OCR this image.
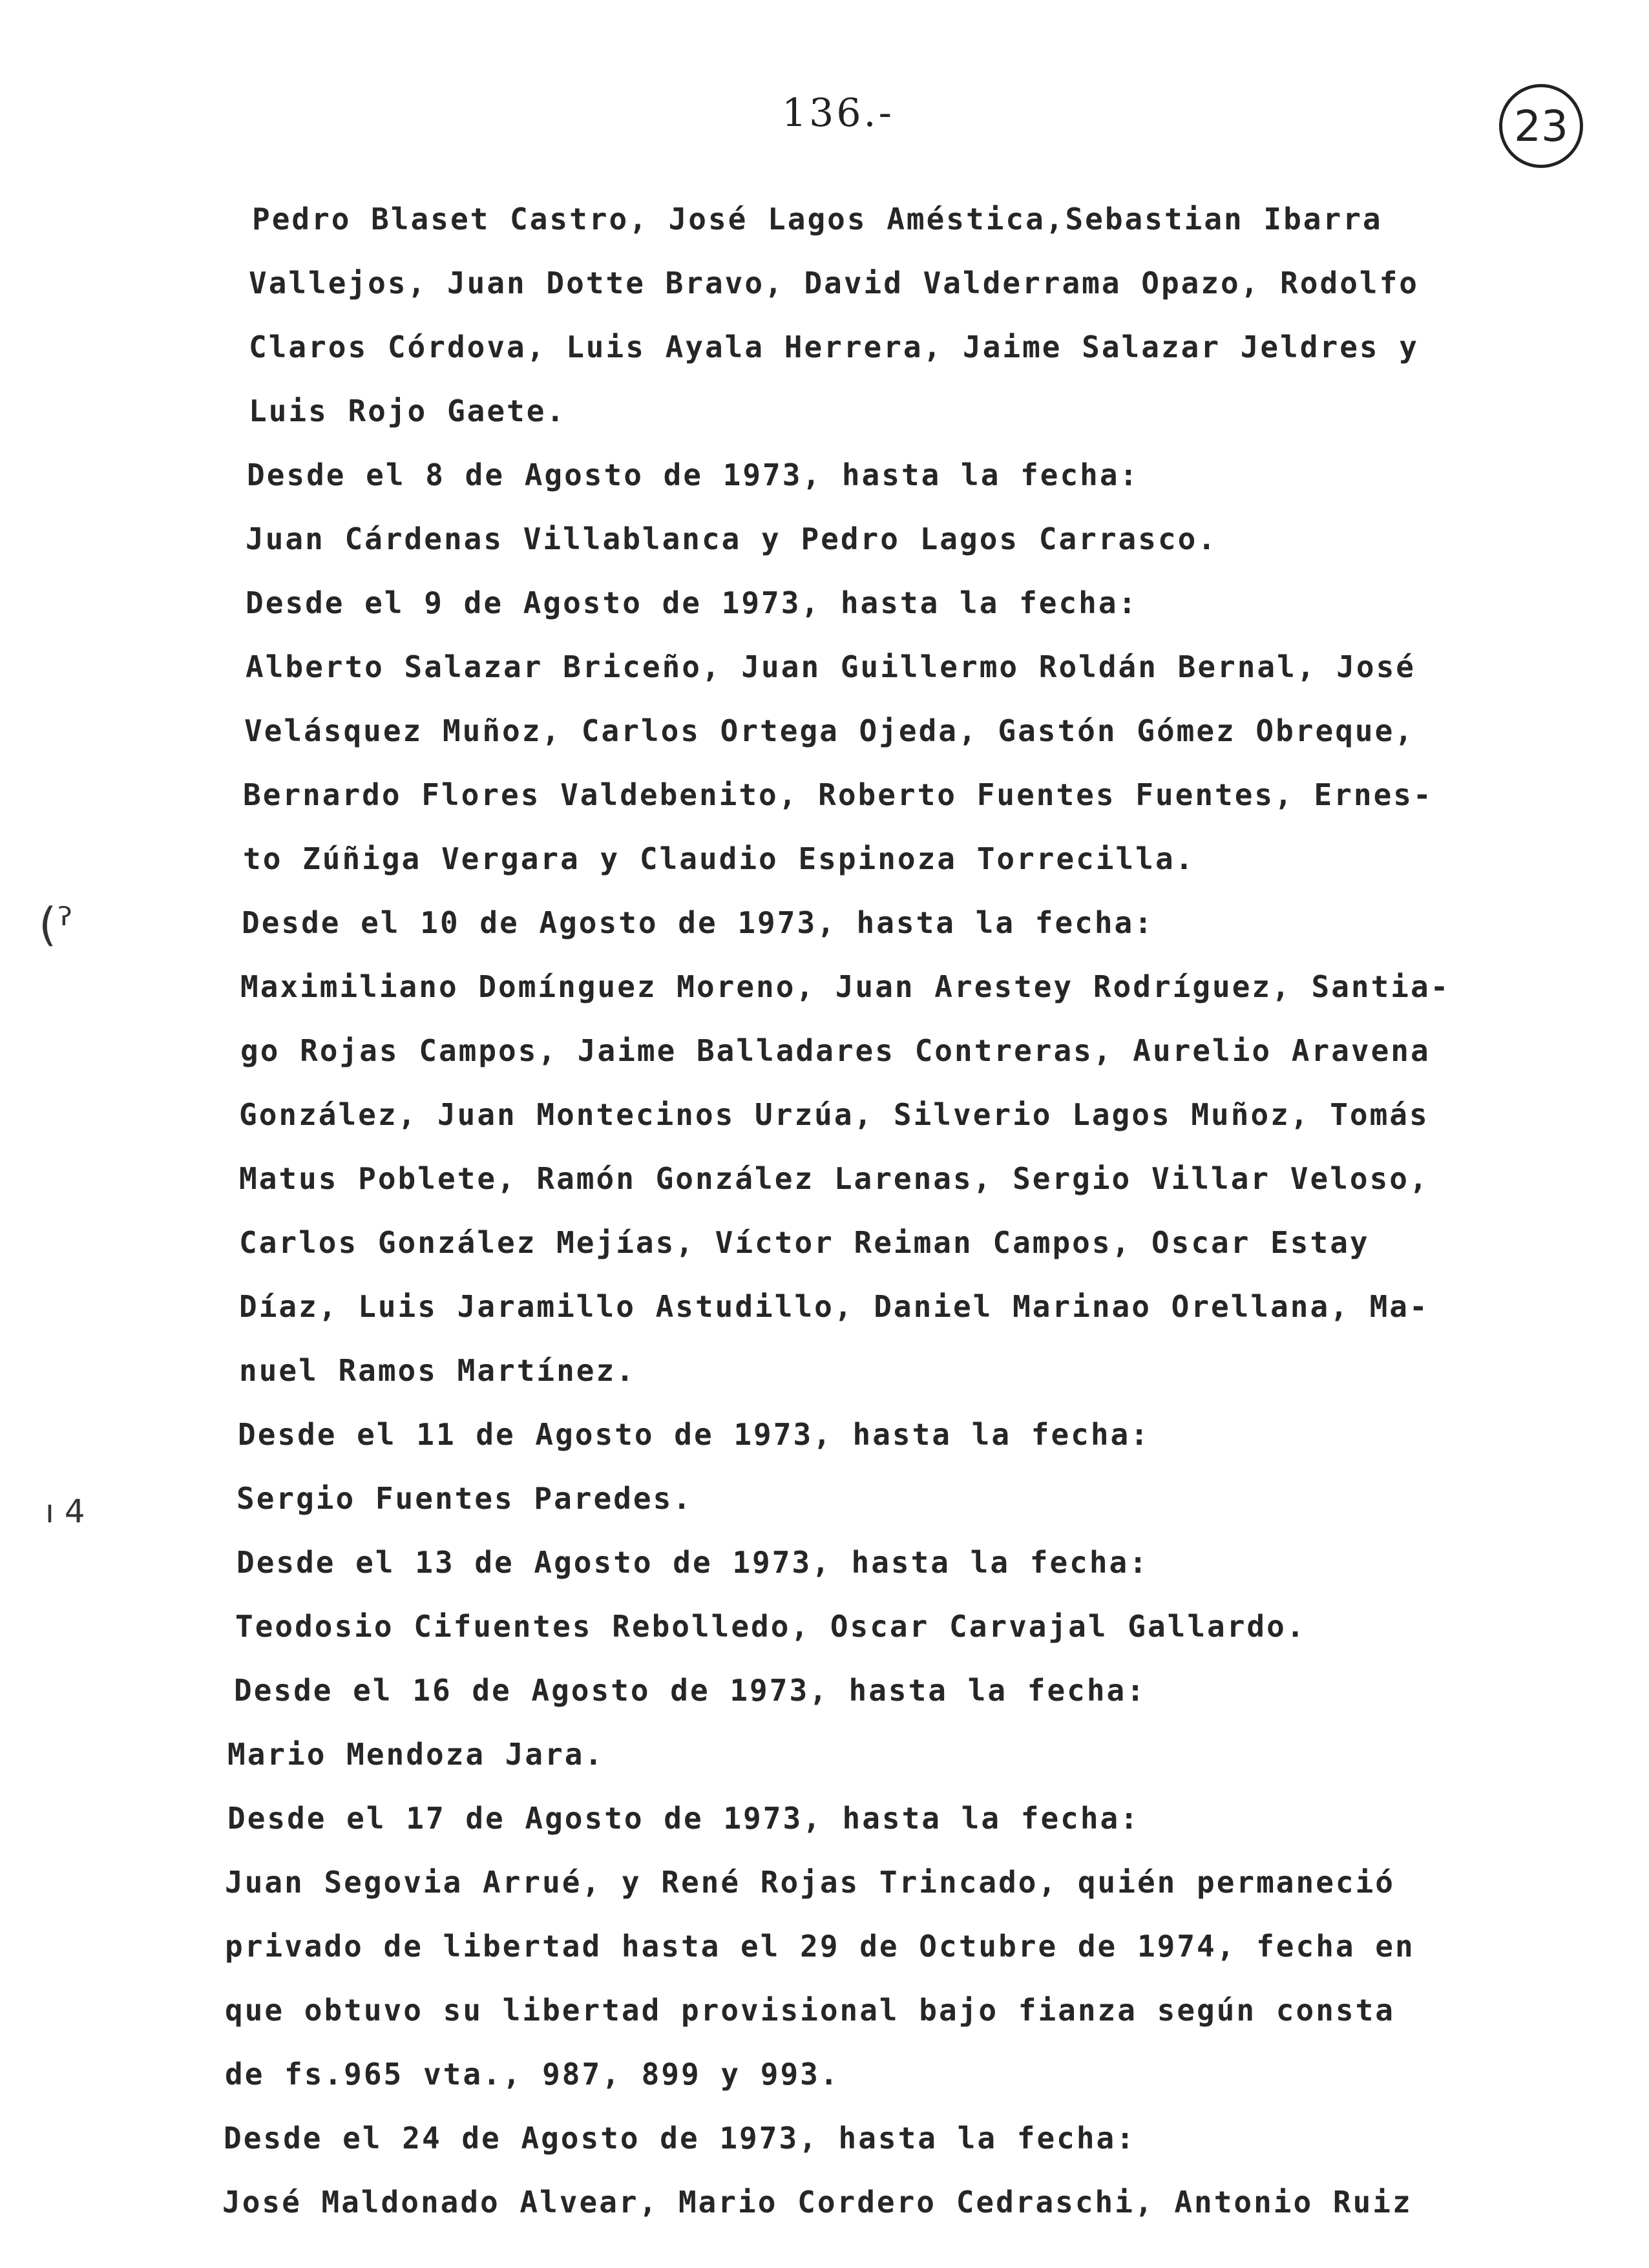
136.-	23
(ˀ
ı 4
Pedro Blaset Castro, José Lagos Améstica,Sebastian Ibarra
Vallejos, Juan Dotte Bravo, David Valderrama Opazo, Rodolfo
Claros Córdova, Luis Ayala Herrera, Jaime Salazar Jeldres y
Luis Rojo Gaete.
Desde el 8 de Agosto de 1973, hasta la fecha:
Juan Cárdenas Villablanca y Pedro Lagos Carrasco.
Desde el 9 de Agosto de 1973, hasta la fecha:
Alberto Salazar Briceño, Juan Guillermo Roldán Bernal, José
Velásquez Muñoz, Carlos Ortega Ojeda, Gastón Gómez Obreque,
Bernardo Flores Valdebenito, Roberto Fuentes Fuentes, Ernes-
to Zúñiga Vergara y Claudio Espinoza Torrecilla.
Desde el 10 de Agosto de 1973, hasta la fecha:
Maximiliano Domínguez Moreno, Juan Arestey Rodríguez, Santia-
go Rojas Campos, Jaime Balladares Contreras, Aurelio Aravena
González, Juan Montecinos Urzúa, Silverio Lagos Muñoz, Tomás
Matus Poblete, Ramón González Larenas, Sergio Villar Veloso,
Carlos González Mejías, Víctor Reiman Campos, Oscar Estay
Díaz, Luis Jaramillo Astudillo, Daniel Marinao Orellana, Ma-
nuel Ramos Martínez.
Desde el 11 de Agosto de 1973, hasta la fecha:
Sergio Fuentes Paredes.
Desde el 13 de Agosto de 1973, hasta la fecha:
Teodosio Cifuentes Rebolledo, Oscar Carvajal Gallardo.
Desde el 16 de Agosto de 1973, hasta la fecha:
Mario Mendoza Jara.
Desde el 17 de Agosto de 1973, hasta la fecha:
Juan Segovia Arrué, y René Rojas Trincado, quién permaneció
privado de libertad hasta el 29 de Octubre de 1974, fecha en
que obtuvo su libertad provisional bajo fianza según consta
de fs.965 vta., 987, 899 y 993.
Desde el 24 de Agosto de 1973, hasta la fecha:
José Maldonado Alvear, Mario Cordero Cedraschi, Antonio Ruiz
